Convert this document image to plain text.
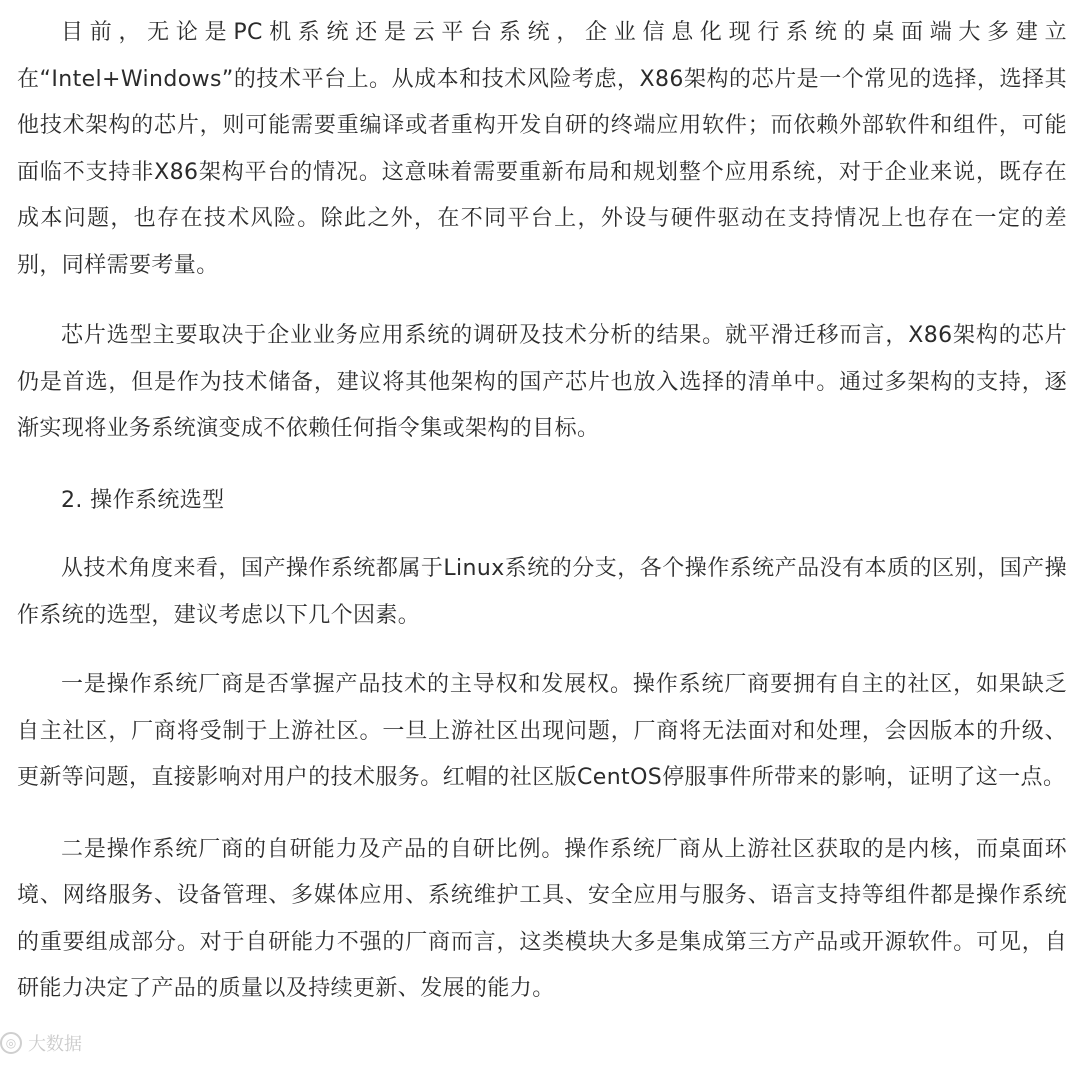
目前，无论是PC机系统还是云平台系统，企业信息化现行系统的桌面端大多建立在“Intel+Windows”的技术平台上。从成本和技术风险考虑，X86架构的芯片是一个常见的选择，选择其他技术架构的芯片，则可能需要重编译或者重构开发自研的终端应用软件；而依赖外部软件和组件，可能面临不支持非X86架构平台的情况。这意味着需要重新布局和规划整个应用系统，对于企业来说，既存在成本问题，也存在技术风险。除此之外，在不同平台上，外设与硬件驱动在支持情况上也存在一定的差别，同样需要考量。

芯片选型主要取决于企业业务应用系统的调研及技术分析的结果。就平滑迁移而言，X86架构的芯片仍是首选，但是作为技术储备，建议将其他架构的国产芯片也放入选择的清单中。通过多架构的支持，逐渐实现将业务系统演变成不依赖任何指令集或架构的目标。

2. 操作系统选型

从技术角度来看，国产操作系统都属于Linux系统的分支，各个操作系统产品没有本质的区别，国产操作系统的选型，建议考虑以下几个因素。

一是操作系统厂商是否掌握产品技术的主导权和发展权。操作系统厂商要拥有自主的社区，如果缺乏自主社区，厂商将受制于上游社区。一旦上游社区出现问题，厂商将无法面对和处理，会因版本的升级、更新等问题，直接影响对用户的技术服务。红帽的社区版CentOS停服事件所带来的影响，证明了这一点。

二是操作系统厂商的自研能力及产品的自研比例。操作系统厂商从上游社区获取的是内核，而桌面环境、网络服务、设备管理、多媒体应用、系统维护工具、安全应用与服务、语言支持等组件都是操作系统的重要组成部分。对于自研能力不强的厂商而言，这类模块大多是集成第三方产品或开源软件。可见，自研能力决定了产品的质量以及持续更新、发展的能力。

◎ 大数据
